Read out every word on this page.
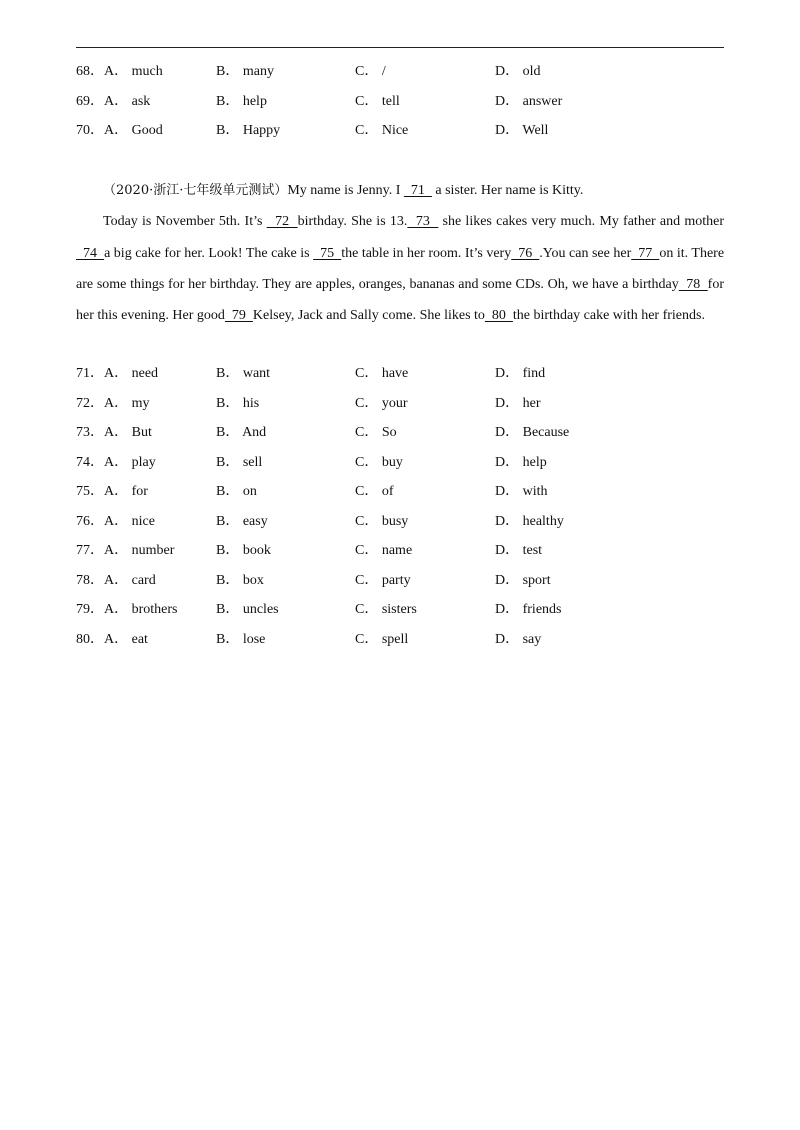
68． A． much	B． many	C． /	D． old
69． A． ask	B． help	C． tell	D． answer
70． A． Good	B． Happy	C． Nice	D． Well

（2020·浙江·七年级单元测试）My name is Jenny. I   71   a sister. Her name is Kitty.

Today is November 5th. It’s   72  birthday. She is 13.  73   she likes cakes very much. My father and mother   74  a big cake for her. Look! The cake is   75  the table in her room. It’s very  76  .You can see her  77  on it. There are some things for her birthday. They are apples, oranges, bananas and some CDs. Oh, we have a birthday  78  for her this evening. Her good  79  Kelsey, Jack and Sally come. She likes to  80  the birthday cake with her friends.

71． A． need	B． want	C． have	D． find
72． A． my	B． his	C． your	D． her
73． A． But	B． And	C． So	D． Because
74． A． play	B． sell	C． buy	D． help
75． A． for	B． on	C． of	D． with
76． A． nice	B． easy	C． busy	D． healthy
77． A． number	B． book	C． name	D． test
78． A． card	B． box	C． party	D． sport
79． A． brothers	B． uncles	C． sisters	D． friends
80． A． eat	B． lose	C． spell	D． say
